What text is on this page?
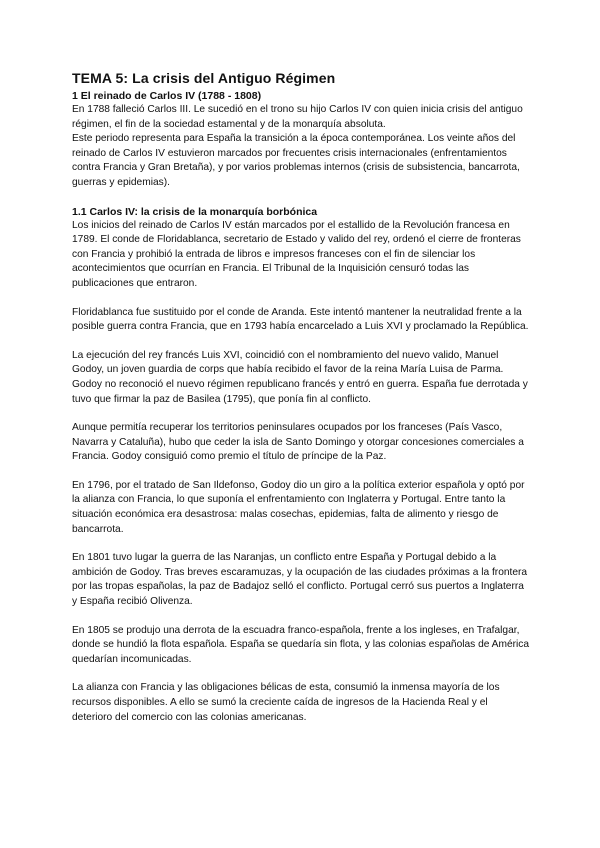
TEMA 5: La crisis del Antiguo Régimen
1 El reinado de Carlos IV (1788 - 1808)

En 1788 falleció Carlos III. Le sucedió en el trono su hijo Carlos IV con quien inicia crisis del antiguo régimen, el fin de la sociedad estamental y de la monarquía absoluta.

Este periodo representa para España la transición a la época contemporánea. Los veinte años del reinado de Carlos IV estuvieron marcados por frecuentes crisis internacionales (enfrentamientos contra Francia y Gran Bretaña), y por varios problemas internos (crisis de subsistencia, bancarrota, guerras y epidemias).

1.1 Carlos IV: la crisis de la monarquía borbónica

Los inicios del reinado de Carlos IV están marcados por el estallido de la Revolución francesa en 1789. El conde de Floridablanca, secretario de Estado y valido del rey, ordenó el cierre de fronteras con Francia y prohibió la entrada de libros e impresos franceses con el fin de silenciar los acontecimientos que ocurrían en Francia. El Tribunal de la Inquisición censuró todas las publicaciones que entraron.

Floridablanca fue sustituido por el conde de Aranda. Este intentó mantener la neutralidad frente a la posible guerra contra Francia, que en 1793 había encarcelado a Luis XVI y proclamado la República.

La ejecución del rey francés Luis XVI, coincidió con el nombramiento del nuevo valido, Manuel Godoy, un joven guardia de corps que había recibido el favor de la reina María Luisa de Parma. Godoy no reconoció el nuevo régimen republicano francés y entró en guerra. España fue derrotada y tuvo que firmar la paz de Basilea (1795), que ponía fin al conflicto.

Aunque permitía recuperar los territorios peninsulares ocupados por los franceses (País Vasco, Navarra y Cataluña), hubo que ceder la isla de Santo Domingo y otorgar concesiones comerciales a Francia. Godoy consiguió como premio el título de príncipe de la Paz.

En 1796, por el tratado de San Ildefonso, Godoy dio un giro a la política exterior española y optó por la alianza con Francia, lo que suponía el enfrentamiento con Inglaterra y Portugal. Entre tanto la situación económica era desastrosa: malas cosechas, epidemias, falta de alimento y riesgo de bancarrota.

En 1801 tuvo lugar la guerra de las Naranjas, un conflicto entre España y Portugal debido a la ambición de Godoy. Tras breves escaramuzas, y la ocupación de las ciudades próximas a la frontera por las tropas españolas, la paz de Badajoz selló el conflicto. Portugal cerró sus puertos a Inglaterra y España recibió Olivenza.

En 1805 se produjo una derrota de la escuadra franco-española, frente a los ingleses, en Trafalgar, donde se hundió la flota española. España se quedaría sin flota, y las colonias españolas de América quedarían incomunicadas.

La alianza con Francia y las obligaciones bélicas de esta, consumió la inmensa mayoría de los recursos disponibles. A ello se sumó la creciente caída de ingresos de la Hacienda Real y el deterioro del comercio con las colonias americanas.
